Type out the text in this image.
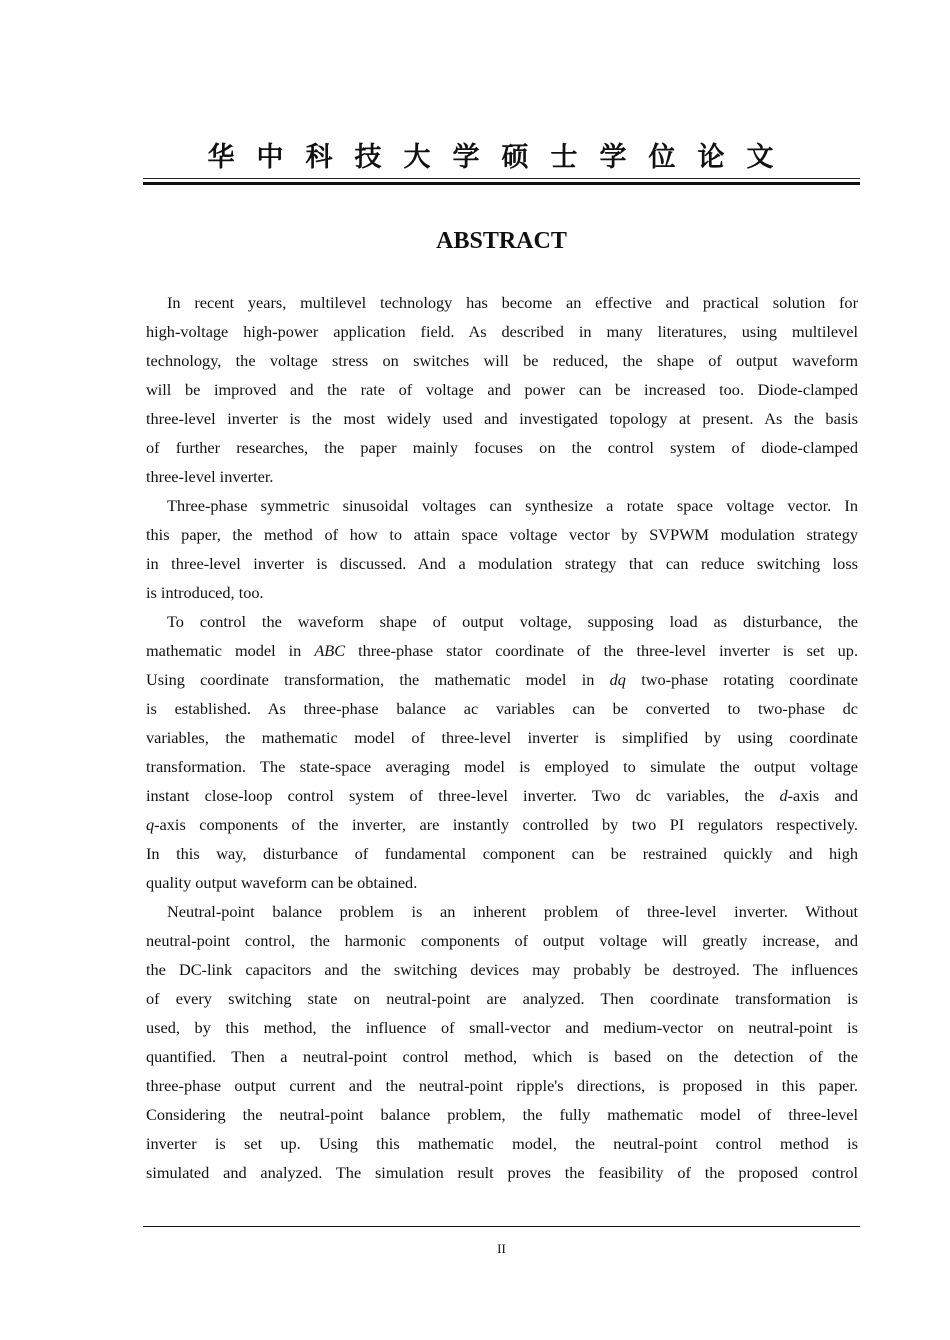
华中科技大学硕士学位论文
ABSTRACT
In recent years, multilevel technology has become an effective and practical solution for
high-voltage high-power application field. As described in many literatures, using multilevel
technology, the voltage stress on switches will be reduced, the shape of output waveform
will be improved and the rate of voltage and power can be increased too. Diode-clamped
three-level inverter is the most widely used and investigated topology at present. As the basis
of further researches, the paper mainly focuses on the control system of diode-clamped
three-level inverter.
Three-phase symmetric sinusoidal voltages can synthesize a rotate space voltage vector. In
this paper, the method of how to attain space voltage vector by SVPWM modulation strategy
in three-level inverter is discussed. And a modulation strategy that can reduce switching loss
is introduced, too.
To control the waveform shape of output voltage, supposing load as disturbance, the
mathematic model in ABC three-phase stator coordinate of the three-level inverter is set up.
Using coordinate transformation, the mathematic model in dq two-phase rotating coordinate
is established. As three-phase balance ac variables can be converted to two-phase dc
variables, the mathematic model of three-level inverter is simplified by using coordinate
transformation. The state-space averaging model is employed to simulate the output voltage
instant close-loop control system of three-level inverter. Two dc variables, the d-axis and
q-axis components of the inverter, are instantly controlled by two PI regulators respectively.
In this way, disturbance of fundamental component can be restrained quickly and high
quality output waveform can be obtained.
Neutral-point balance problem is an inherent problem of three-level inverter. Without
neutral-point control, the harmonic components of output voltage will greatly increase, and
the DC-link capacitors and the switching devices may probably be destroyed. The influences
of every switching state on neutral-point are analyzed. Then coordinate transformation is
used, by this method, the influence of small-vector and medium-vector on neutral-point is
quantified. Then a neutral-point control method, which is based on the detection of the
three-phase output current and the neutral-point ripple's directions, is proposed in this paper.
Considering the neutral-point balance problem, the fully mathematic model of three-level
inverter is set up. Using this mathematic model, the neutral-point control method is
simulated and analyzed. The simulation result proves the feasibility of the proposed control
II
